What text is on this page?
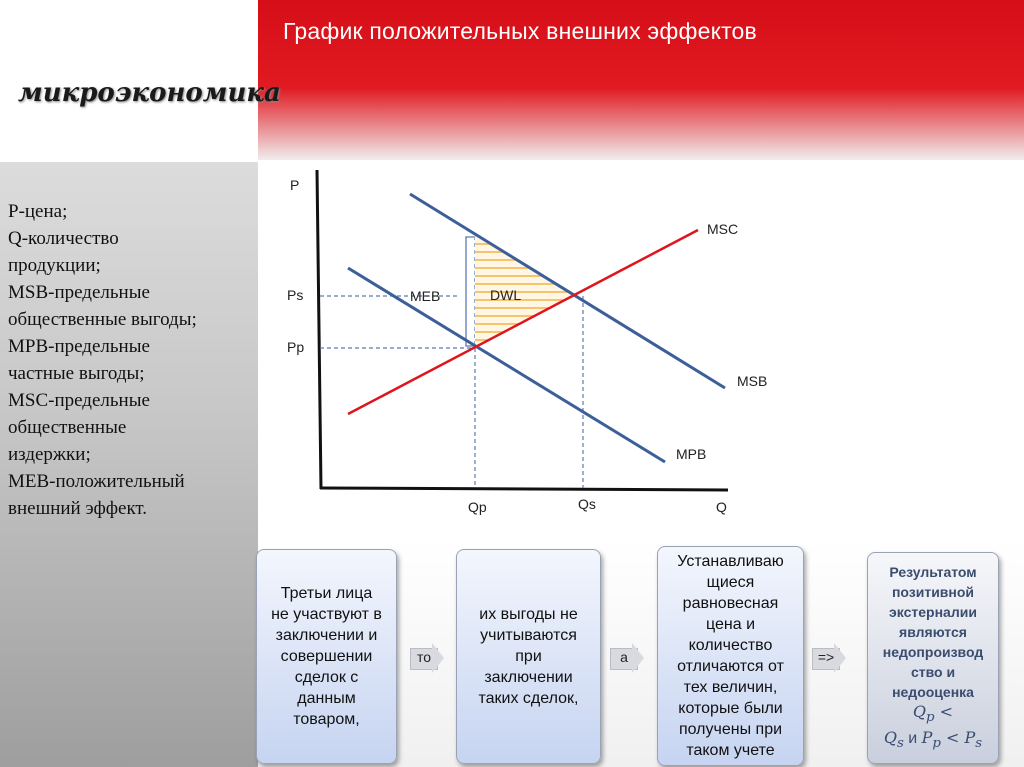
График положительных внешних эффектов
микроэкономика
P-цена;
Q-количество
продукции;
MSB-предельные
общественные выгоды;
MPB-предельные
частные выгоды;
MSC-предельные
общественные
издержки;
MEB-положительный
внешний эффект.
P
Q
Ps
Pp
Qp	Qs
MSC
MSB
MPB
MEB	DWL
Третьи лица
не участвуют в
заключении и
совершении
сделок с
данным
товаром,
то
их выгоды не
учитываются
при
заключении
таких сделок,
а
Устанавливаю
щиеся
равновесная
цена и
количество
отличаются от
тех величин,
которые были
получены при
таком учете
=>
Результатом
позитивной
экстерналии
являются
недопроизвод
ство и
недооценка
$Q_p$ <
$Q_s$ и $P_p < P_s$
